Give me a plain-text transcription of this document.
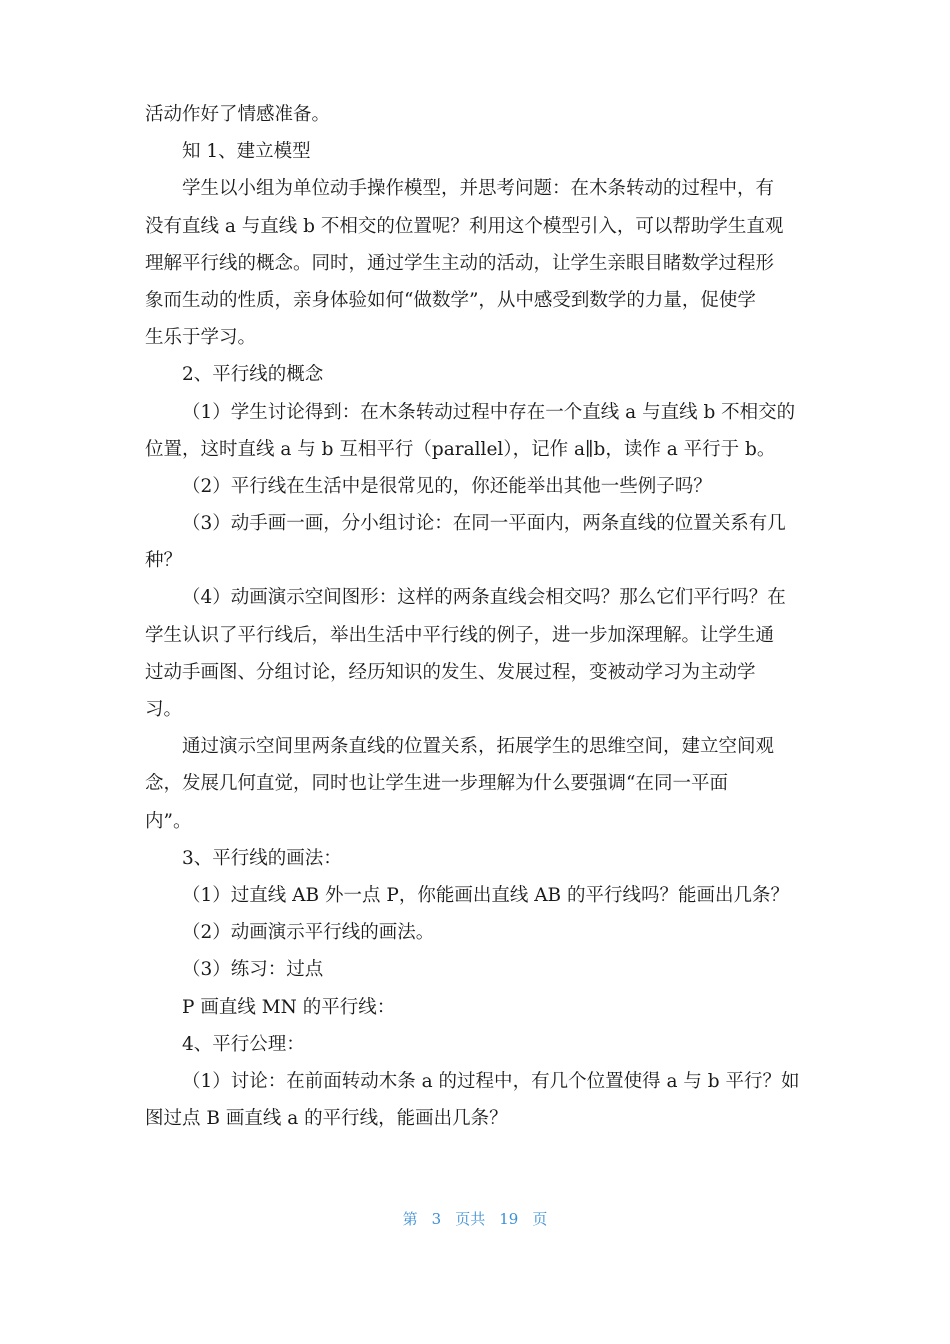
活动作好了情感准备。
知 1、建立模型
学生以小组为单位动手操作模型，并思考问题：在木条转动的过程中，有
没有直线 a 与直线 b 不相交的位置呢？利用这个模型引入，可以帮助学生直观
理解平行线的概念。同时，通过学生主动的活动，让学生亲眼目睹数学过程形
象而生动的性质，亲身体验如何“做数学”，从中感受到数学的力量，促使学
生乐于学习。
2、平行线的概念
（1）学生讨论得到：在木条转动过程中存在一个直线 a 与直线 b 不相交的
位置，这时直线 a 与 b 互相平行（parallel），记作 a∥b，读作 a 平行于 b。
（2）平行线在生活中是很常见的，你还能举出其他一些例子吗？
（3）动手画一画，分小组讨论：在同一平面内，两条直线的位置关系有几
种？
（4）动画演示空间图形：这样的两条直线会相交吗？那么它们平行吗？在
学生认识了平行线后，举出生活中平行线的例子，进一步加深理解。让学生通
过动手画图、分组讨论，经历知识的发生、发展过程，变被动学习为主动学
习。
通过演示空间里两条直线的位置关系，拓展学生的思维空间，建立空间观
念，发展几何直觉，同时也让学生进一步理解为什么要强调“在同一平面
内”。
3、平行线的画法：
（1）过直线 AB 外一点 P，你能画出直线 AB 的平行线吗？能画出几条？
（2）动画演示平行线的画法。
（3）练习：过点
P 画直线 MN 的平行线：
4、平行公理：
（1）讨论：在前面转动木条 a 的过程中，有几个位置使得 a 与 b 平行？如
图过点 B 画直线 a 的平行线，能画出几条？
第 3 页共 19 页
